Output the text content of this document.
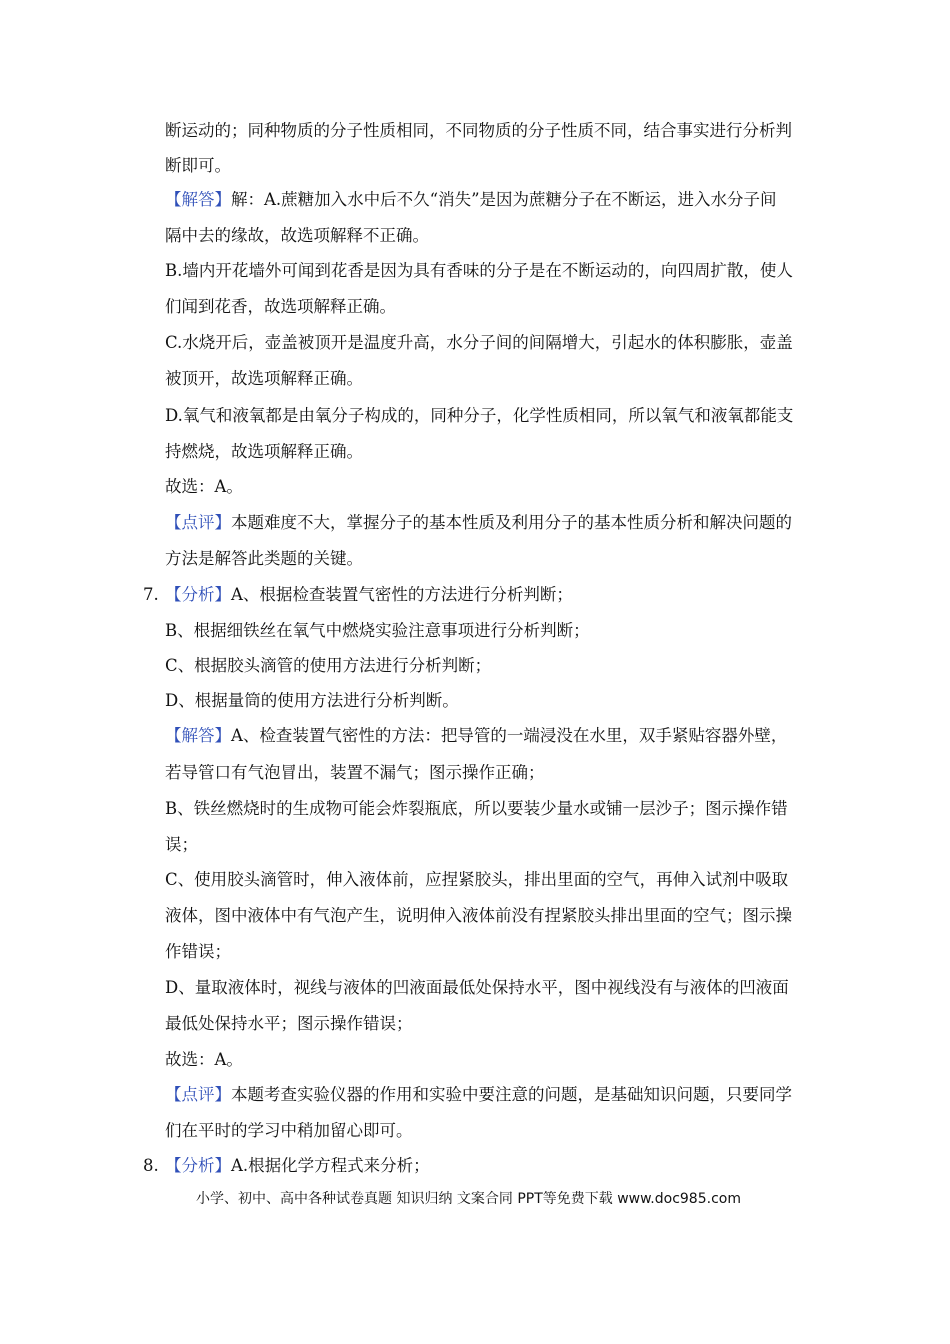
断运动的；同种物质的分子性质相同，不同物质的分子性质不同，结合事实进行分析判
断即可。
【解答】解：A.蔗糖加入水中后不久“消失”是因为蔗糖分子在不断运，进入水分子间
隔中去的缘故，故选项解释不正确。
B.墙内开花墙外可闻到花香是因为具有香味的分子是在不断运动的，向四周扩散，使人
们闻到花香，故选项解释正确。
C.水烧开后，壶盖被顶开是温度升高，水分子间的间隔增大，引起水的体积膨胀，壶盖
被顶开，故选项解释正确。
D.氧气和液氧都是由氧分子构成的，同种分子，化学性质相同，所以氧气和液氧都能支
持燃烧，故选项解释正确。
故选：A。
【点评】本题难度不大，掌握分子的基本性质及利用分子的基本性质分析和解决问题的
方法是解答此类题的关键。
7. 【分析】A、根据检查装置气密性的方法进行分析判断；
B、根据细铁丝在氧气中燃烧实验注意事项进行分析判断；
C、根据胶头滴管的使用方法进行分析判断；
D、根据量筒的使用方法进行分析判断。
【解答】A、检查装置气密性的方法：把导管的一端浸没在水里，双手紧贴容器外壁，
若导管口有气泡冒出，装置不漏气；图示操作正确；
B、铁丝燃烧时的生成物可能会炸裂瓶底，所以要装少量水或铺一层沙子；图示操作错
误；
C、使用胶头滴管时，伸入液体前，应捏紧胶头，排出里面的空气，再伸入试剂中吸取
液体，图中液体中有气泡产生，说明伸入液体前没有捏紧胶头排出里面的空气；图示操
作错误；
D、量取液体时，视线与液体的凹液面最低处保持水平，图中视线没有与液体的凹液面
最低处保持水平；图示操作错误；
故选：A。
【点评】本题考查实验仪器的作用和实验中要注意的问题，是基础知识问题，只要同学
们在平时的学习中稍加留心即可。
8. 【分析】A.根据化学方程式来分析；
小学、初中、高中各种试卷真题 知识归纳 文案合同 PPT等免费下载 www.doc985.com
